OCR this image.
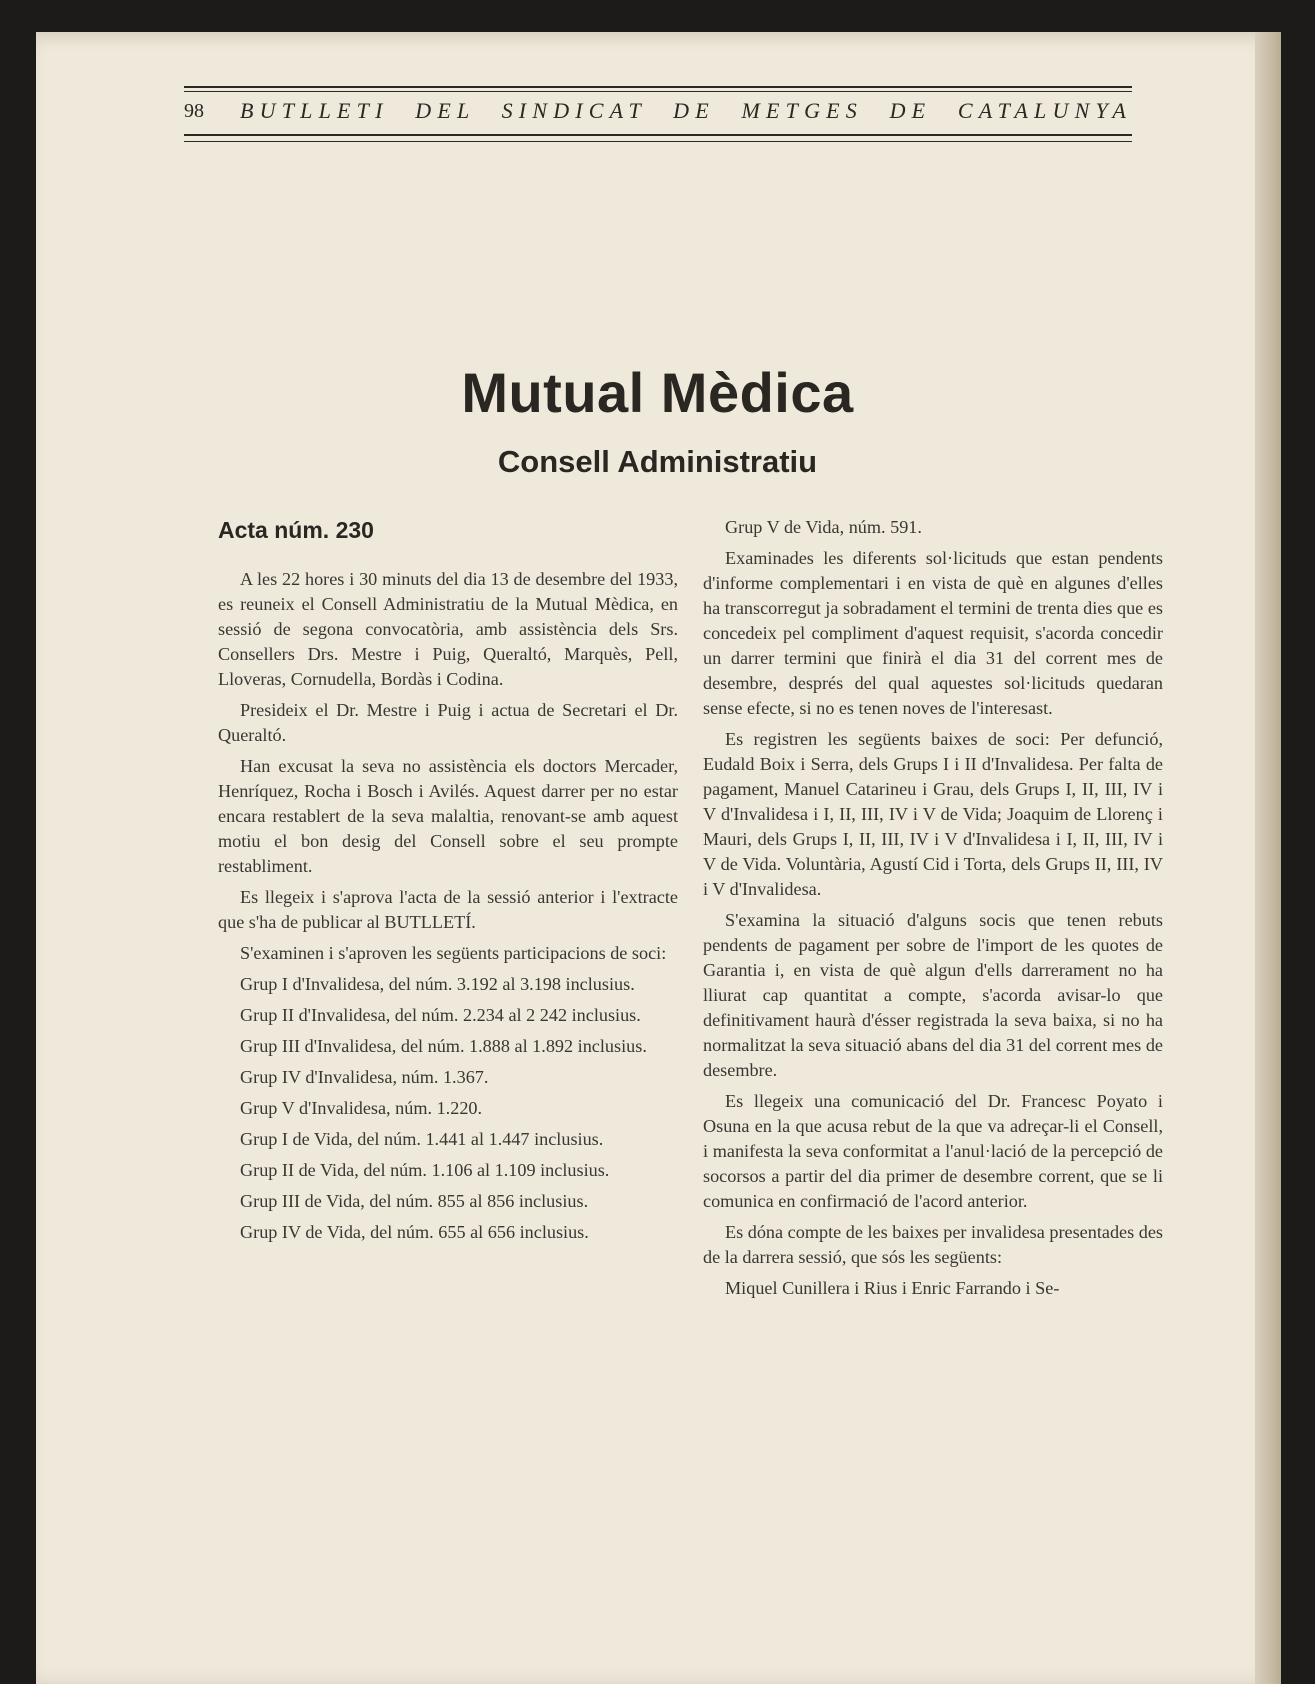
98 BUTLLETI DEL SINDICAT DE METGES DE CATALUNYA
Mutual Mèdica
Consell Administratiu
Acta núm. 230

A les 22 hores i 30 minuts del dia 13 de desembre del 1933, es reuneix el Consell Administratiu de la Mutual Mèdica, en sessió de segona convocatòria, amb assistència dels Srs. Consellers Drs. Mestre i Puig, Queraltó, Marquès, Pell, Lloveras, Cornudella, Bordàs i Codina.

Presideix el Dr. Mestre i Puig i actua de Secretari el Dr. Queraltó.

Han excusat la seva no assistència els doctors Mercader, Henríquez, Rocha i Bosch i Avilés. Aquest darrer per no estar encara restablert de la seva malaltia, renovant-se amb aquest motiu el bon desig del Consell sobre el seu prompte restabliment.

Es llegeix i s'aprova l'acta de la sessió anterior i l'extracte que s'ha de publicar al BUTLLETÍ.

S'examinen i s'aproven les següents participacions de soci:

Grup I d'Invalidesa, del núm. 3.192 al 3.198 inclusius.

Grup II d'Invalidesa, del núm. 2.234 al 2 242 inclusius.

Grup III d'Invalidesa, del núm. 1.888 al 1.892 inclusius.

Grup IV d'Invalidesa, núm. 1.367.

Grup V d'Invalidesa, núm. 1.220.

Grup I de Vida, del núm. 1.441 al 1.447 inclusius.

Grup II de Vida, del núm. 1.106 al 1.109 inclusius.

Grup III de Vida, del núm. 855 al 856 inclusius.

Grup IV de Vida, del núm. 655 al 656 inclusius.

Grup V de Vida, núm. 591.

Examinades les diferents sol·licituds que estan pendents d'informe complementari i en vista de què en algunes d'elles ha transcorregut ja sobradament el termini de trenta dies que es concedeix pel compliment d'aquest requisit, s'acorda concedir un darrer termini que finirà el dia 31 del corrent mes de desembre, després del qual aquestes sol·licituds quedaran sense efecte, si no es tenen noves de l'interesast.

Es registren les següents baixes de soci: Per defunció, Eudald Boix i Serra, dels Grups I i II d'Invalidesa. Per falta de pagament, Manuel Catarineu i Grau, dels Grups I, II, III, IV i V d'Invalidesa i I, II, III, IV i V de Vida; Joaquim de Llorenç i Mauri, dels Grups I, II, III, IV i V d'Invalidesa i I, II, III, IV i V de Vida. Voluntària, Agustí Cid i Torta, dels Grups II, III, IV i V d'Invalidesa.

S'examina la situació d'alguns socis que tenen rebuts pendents de pagament per sobre de l'import de les quotes de Garantia i, en vista de què algun d'ells darrerament no ha lliurat cap quantitat a compte, s'acorda avisar-lo que definitivament haurà d'ésser registrada la seva baixa, si no ha normalitzat la seva situació abans del dia 31 del corrent mes de desembre.

Es llegeix una comunicació del Dr. Francesc Poyato i Osuna en la que acusa rebut de la que va adreçar-li el Consell, i manifesta la seva conformitat a l'anul·lació de la percepció de socorsos a partir del dia primer de desembre corrent, que se li comunica en confirmació de l'acord anterior.

Es dóna compte de les baixes per invalidesa presentades des de la darrera sessió, que sós les següents:

Miquel Cunillera i Rius i Enric Farrando i Se-
